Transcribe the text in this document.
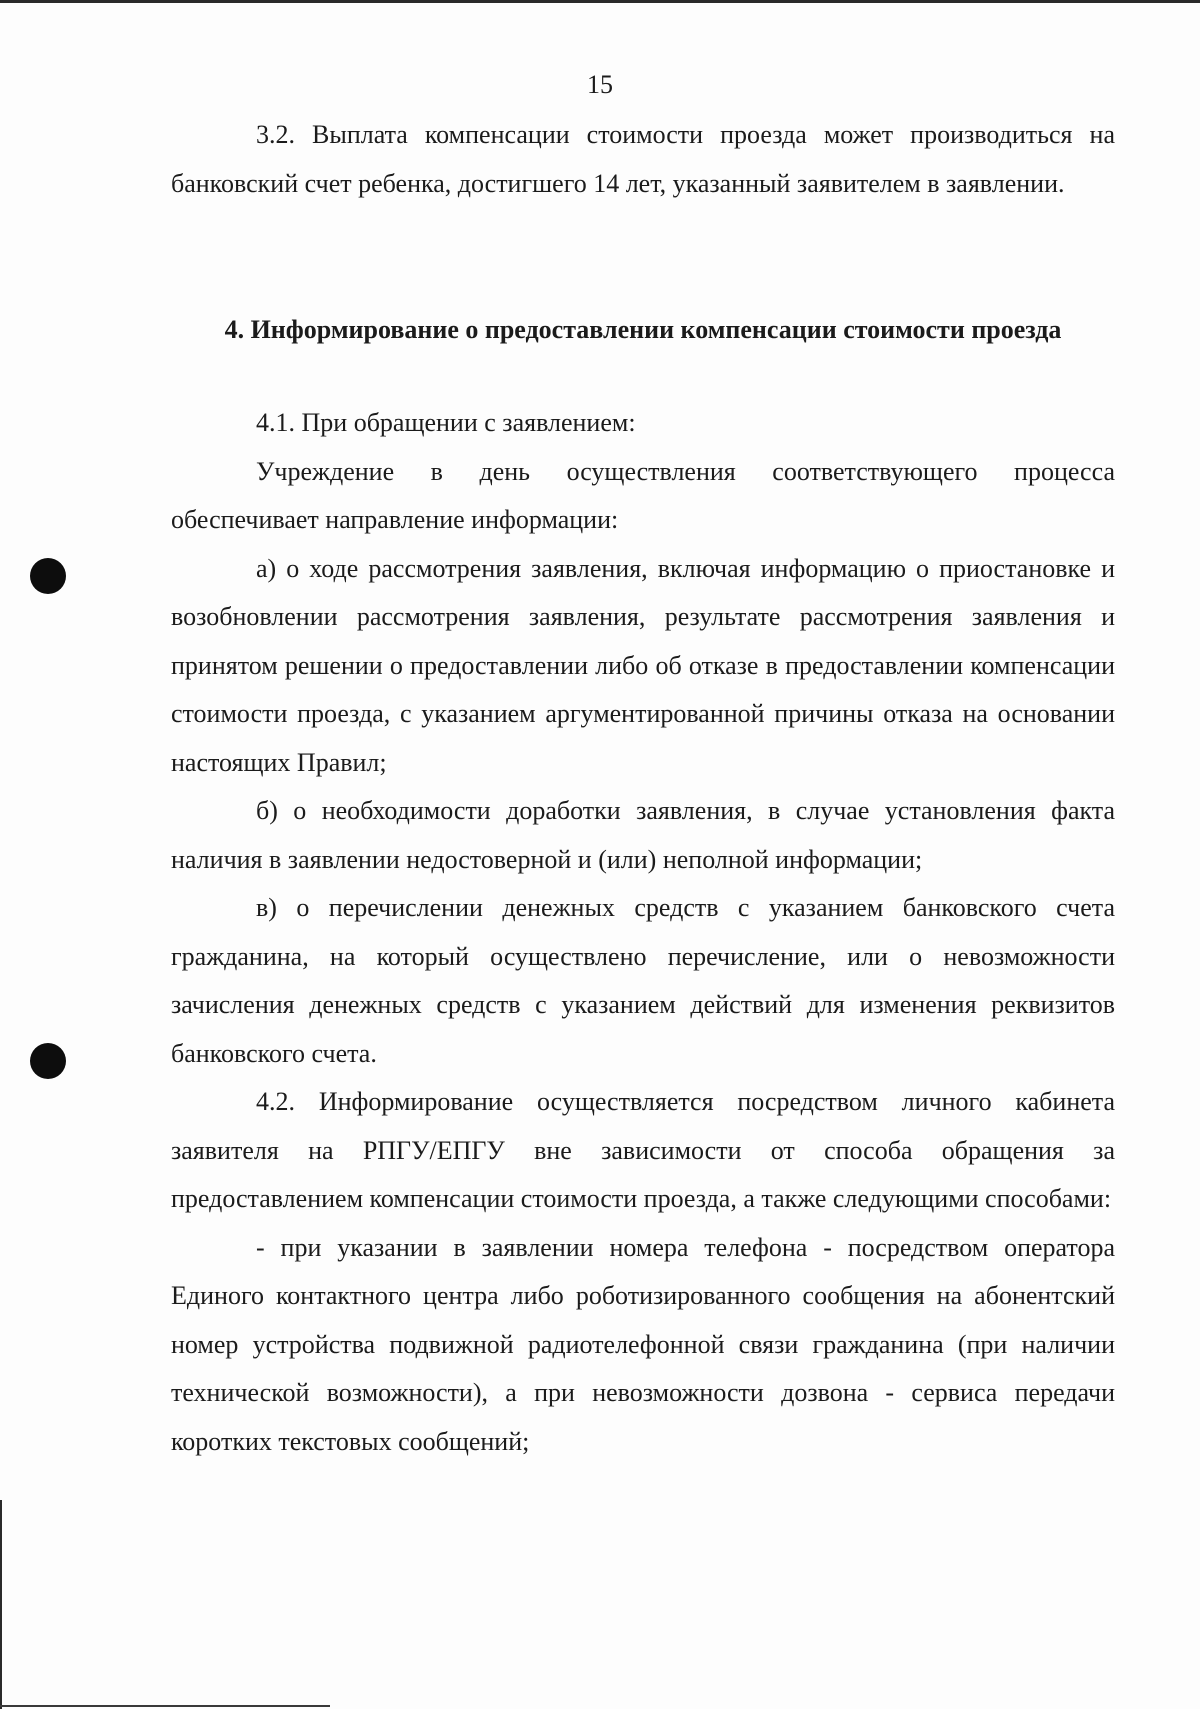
15

3.2. Выплата компенсации стоимости проезда может производиться на банковский счет ребенка, достигшего 14 лет, указанный заявителем в заявлении.

4. Информирование о предоставлении компенсации стоимости проезда

4.1. При обращении с заявлением:

Учреждение в день осуществления соответствующего процесса обеспечивает направление информации:

а) о ходе рассмотрения заявления, включая информацию о приостановке и возобновлении рассмотрения заявления, результате рассмотрения заявления и принятом решении о предоставлении либо об отказе в предоставлении компенсации стоимости проезда, с указанием аргументированной причины отказа на основании настоящих Правил;

б) о необходимости доработки заявления, в случае установления факта наличия в заявлении недостоверной и (или) неполной информации;

в) о перечислении денежных средств с указанием банковского счета гражданина, на который осуществлено перечисление, или о невозможности зачисления денежных средств с указанием действий для изменения реквизитов банковского счета.

4.2. Информирование осуществляется посредством личного кабинета заявителя на РПГУ/ЕПГУ вне зависимости от способа обращения за предоставлением компенсации стоимости проезда, а также следующими способами:

- при указании в заявлении номера телефона - посредством оператора Единого контактного центра либо роботизированного сообщения на абонентский номер устройства подвижной радиотелефонной связи гражданина (при наличии технической возможности), а при невозможности дозвона - сервиса передачи коротких текстовых сообщений;
